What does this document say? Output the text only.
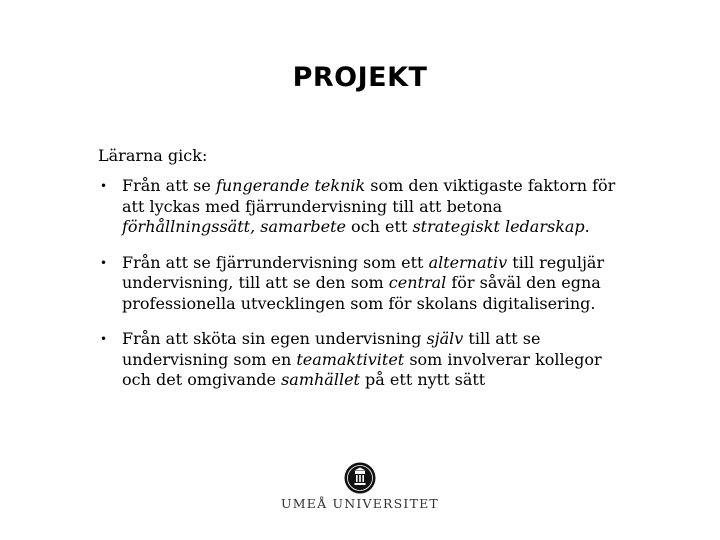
PROJEKT
Lärarna gick:
• Från att se fungerande teknik som den viktigaste faktorn för att lyckas med fjärrundervisning till att betona förhållningssätt, samarbete och ett strategiskt ledarskap.
• Från att se fjärrundervisning som ett alternativ till reguljär undervisning, till att se den som central för såväl den egna professionella utvecklingen som för skolans digitalisering.
• Från att sköta sin egen undervisning själv till att se undervisning som en teamaktivitet som involverar kollegor och det omgivande samhället på ett nytt sätt
UMEÅ UNIVERSITET
